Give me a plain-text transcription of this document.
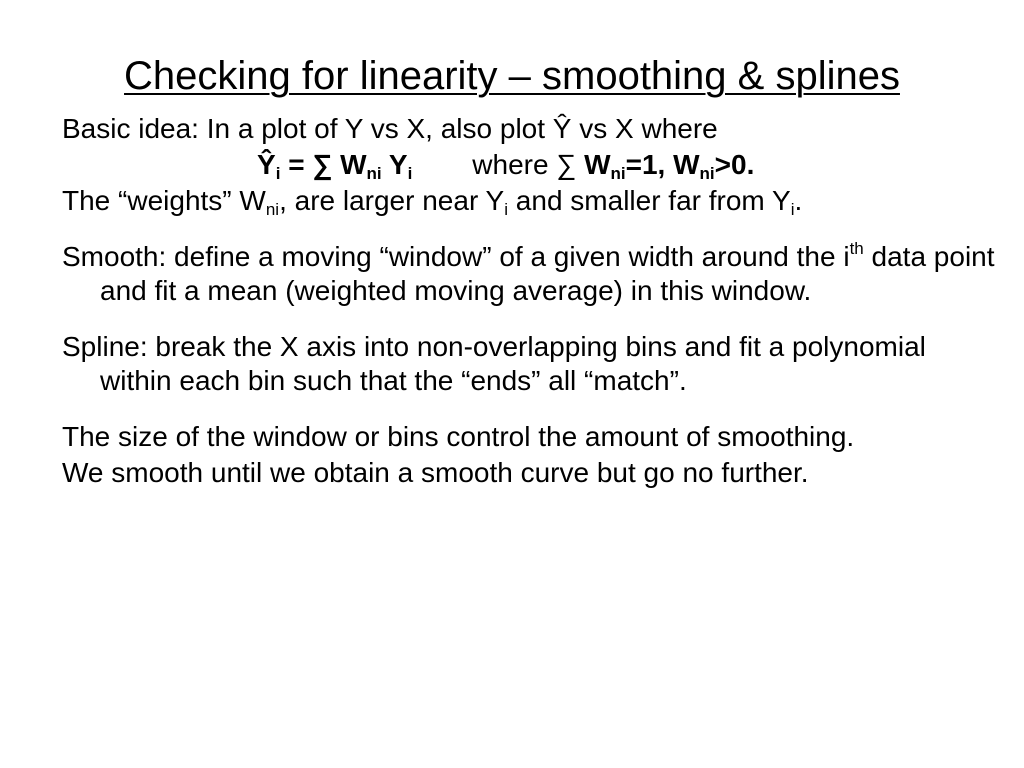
Checking for linearity – smoothing & splines

Basic idea: In a plot of Y vs X, also plot Ŷ vs X where

$Ŷ_i$ = ∑ $W_{ni}$ $Y_i$ where ∑ $W_{ni}=1$, $W_{ni}>0$.

The “weights” $W_{ni}$, are larger near $Y_i$ and smaller far from $Y_i$.

Smooth: define a moving “window” of a given width around the $i^{th}$ data point and fit a mean (weighted moving average) in this window.

Spline: break the X axis into non-overlapping bins and fit a polynomial within each bin such that the “ends” all “match”.

The size of the window or bins control the amount of smoothing.

We smooth until we obtain a smooth curve but go no further.
